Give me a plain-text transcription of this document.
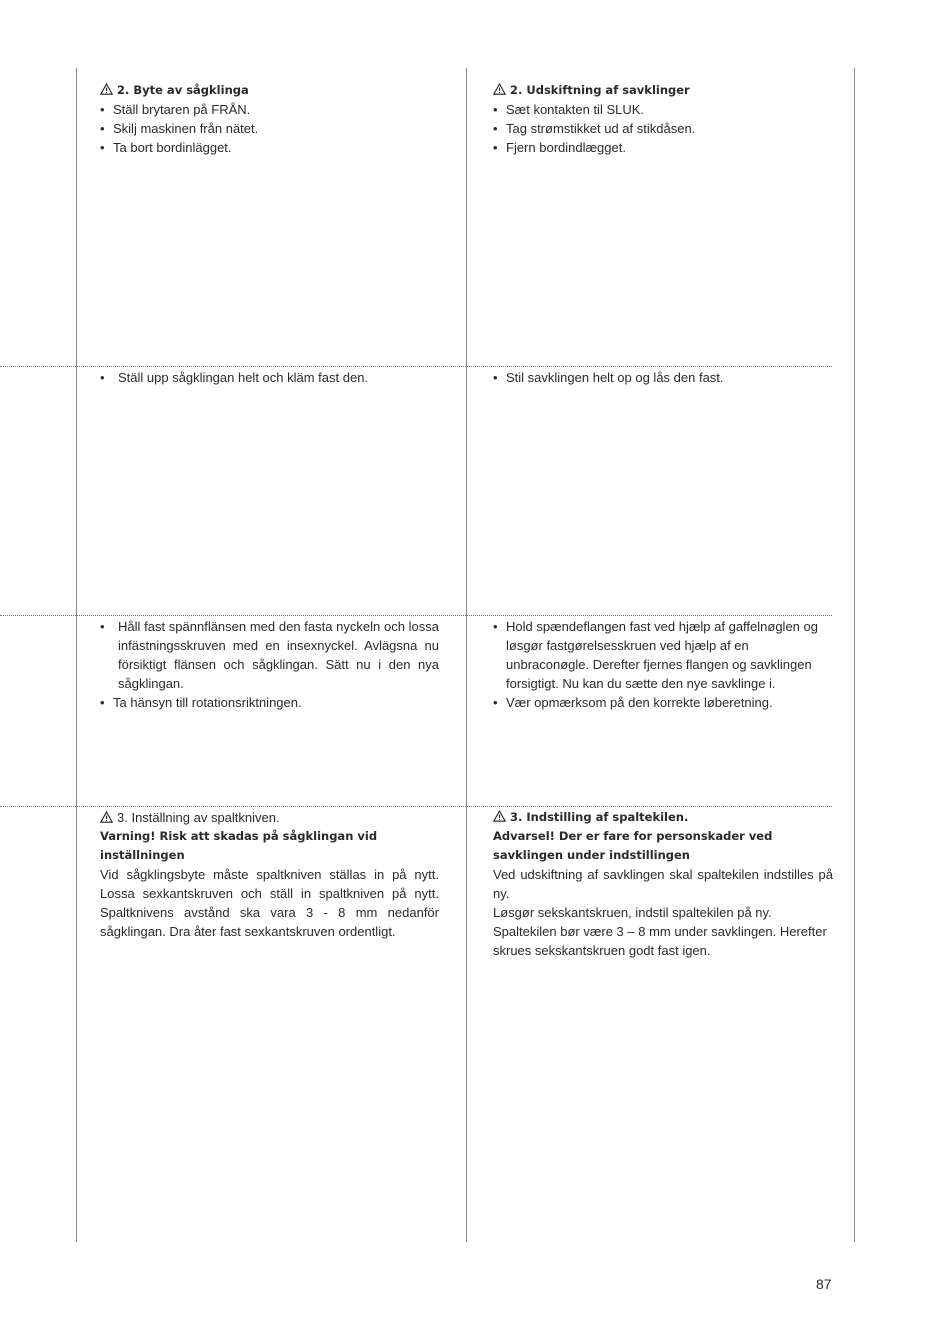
2. Byte av sågklinga

• Ställ brytaren på FRÅN.
• Skilj maskinen från nätet.
• Ta bort bordinlägget.

2. Udskiftning af savklinger

• Sæt kontakten til SLUK.
• Tag strømstikket ud af stikdåsen.
• Fjern bordindlægget.
• Ställ upp sågklingan helt och kläm fast den.
•	Stil savklingen helt op og lås den fast.
• Håll fast spännflänsen med den fasta nyckeln och lossa infästningsskruven med en insexnyckel. Avlägsna nu försiktigt flänsen och sågklingan. Sätt nu i den nya sågklingan.
• Ta hänsyn till rotationsriktningen.
• Hold spændeflangen fast ved hjælp af gaffelnøglen og løsgør fastgørelsesskruen ved hjælp af en unbraconøgle. Derefter fjernes flangen og savklingen forsigtigt. Nu kan du sætte den nye savklinge i.
• Vær opmærksom på den korrekte løberetning.

3. Inställning av spaltkniven.

Varning! Risk att skadas på sågklingan vid inställningen

Vid sågklingsbyte måste spaltkniven ställas in på nytt. Lossa sexkantskruven och ställ in spaltkniven på nytt. Spaltknivens avstånd ska vara 3 - 8 mm nedanför sågklingan. Dra åter fast sexkantskruven ordentligt.

3. Indstilling af spaltekilen.

Advarsel! Der er fare for personskader ved savklingen under indstillingen

Ved udskiftning af savklingen skal spaltekilen indstilles på ny.

Løsgør sekskantskruen, indstil spaltekilen på ny. Spaltekilen bør være 3 – 8 mm under savklingen. Herefter skrues sekskantskruen godt fast igen.

87
